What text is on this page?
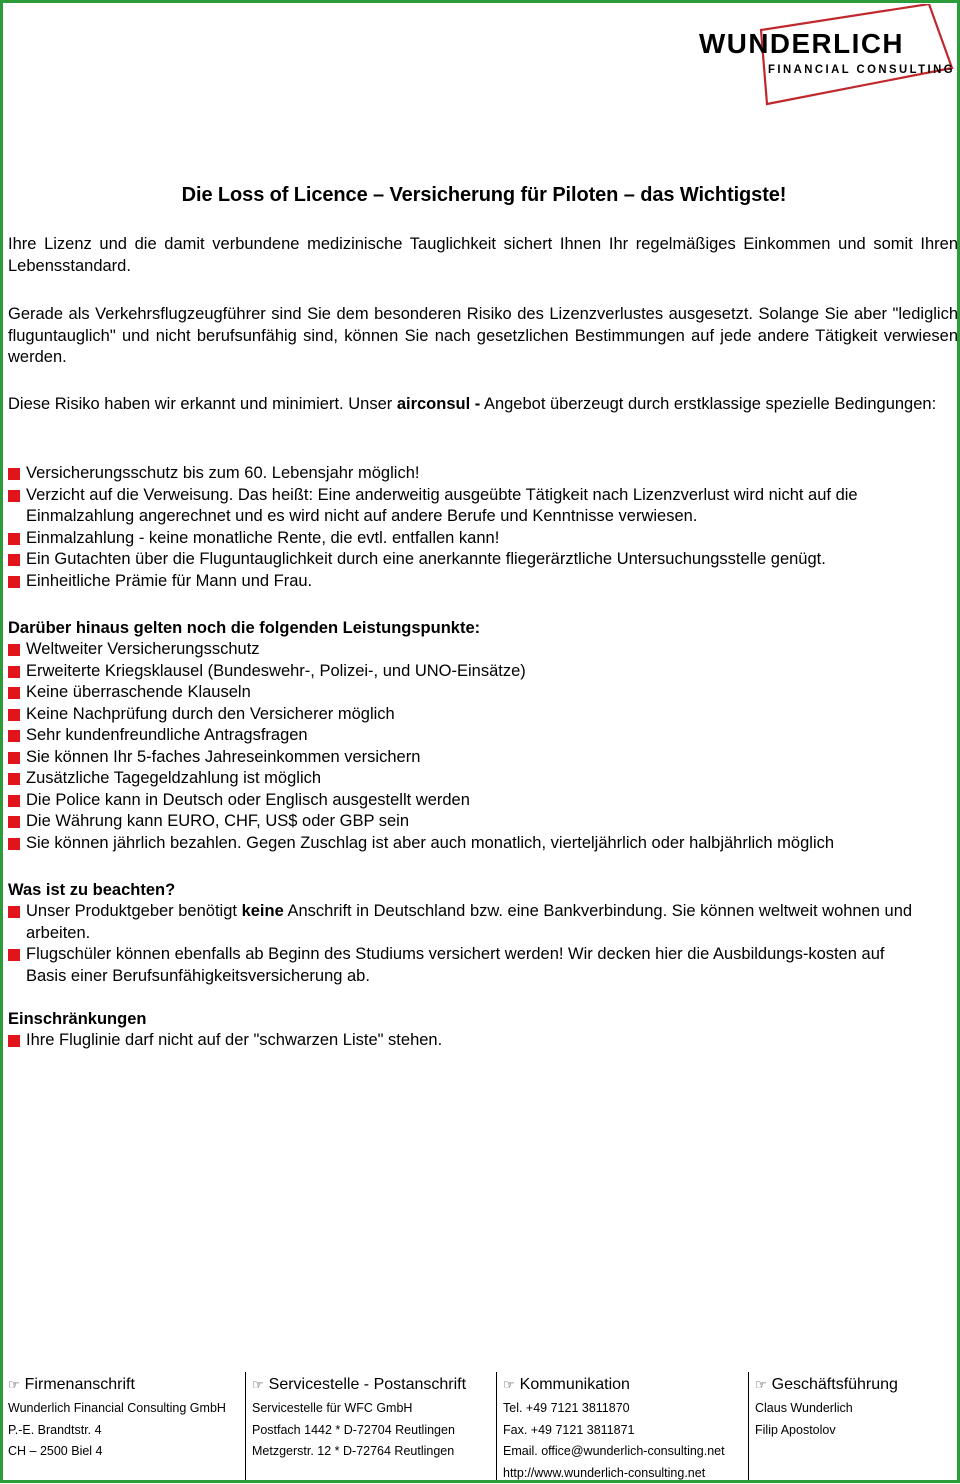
WUNDERLICH
FINANCIAL CONSULTING
Die Loss of Licence – Versicherung für Piloten – das Wichtigste!
Ihre Lizenz und die damit verbundene medizinische Tauglichkeit sichert Ihnen Ihr regelmäßiges Einkommen und somit Ihren Lebensstandard.
Gerade als Verkehrsflugzeugführer sind Sie dem besonderen Risiko des Lizenzverlustes ausgesetzt. Solange Sie aber "lediglich fluguntauglich" und nicht berufsunfähig sind, können Sie nach gesetzlichen Bestimmungen auf jede andere Tätigkeit verwiesen werden.
Diese Risiko haben wir erkannt und minimiert. Unser airconsul - Angebot überzeugt durch erstklassige spezielle Bedingungen:
Versicherungsschutz bis zum 60. Lebensjahr möglich!
Verzicht auf die Verweisung. Das heißt: Eine anderweitig ausgeübte Tätigkeit nach Lizenzverlust wird nicht auf die Einmalzahlung angerechnet und es wird nicht auf andere Berufe und Kenntnisse verwiesen.
Einmalzahlung - keine monatliche Rente, die evtl. entfallen kann!
Ein Gutachten über die Fluguntauglichkeit durch eine anerkannte fliegerärztliche Untersuchungsstelle genügt.
Einheitliche Prämie für Mann und Frau.
Darüber hinaus gelten noch die folgenden Leistungspunkte:
Weltweiter Versicherungsschutz
Erweiterte Kriegsklausel (Bundeswehr-, Polizei-, und UNO-Einsätze)
Keine überraschende Klauseln
Keine Nachprüfung durch den Versicherer möglich
Sehr kundenfreundliche Antragsfragen
Sie können Ihr 5-faches Jahreseinkommen versichern
Zusätzliche Tagegeldzahlung ist möglich
Die Police kann in Deutsch oder Englisch ausgestellt werden
Die Währung kann EURO, CHF, US$ oder GBP sein
Sie können jährlich bezahlen. Gegen Zuschlag ist aber auch monatlich, vierteljährlich oder halbjährlich möglich
Was ist zu beachten?
Unser Produktgeber benötigt keine Anschrift in Deutschland bzw. eine Bankverbindung. Sie können weltweit wohnen und arbeiten.
Flugschüler können ebenfalls ab Beginn des Studiums versichert werden! Wir decken hier die Ausbildungs-kosten auf Basis einer Berufsunfähigkeitsversicherung ab.
Einschränkungen
Ihre Fluglinie darf nicht auf der "schwarzen Liste" stehen.
☞ Firmenanschrift
Wunderlich Financial Consulting GmbH
P.-E. Brandtstr. 4
CH – 2500 Biel 4
☞ Servicestelle - Postanschrift
Servicestelle für WFC GmbH
Postfach 1442 * D-72704 Reutlingen
Metzgerstr. 12 * D-72764 Reutlingen
☞ Kommunikation
Tel. +49 7121 3811870
Fax. +49 7121 3811871
Email. office@wunderlich-consulting.net
http://www.wunderlich-consulting.net
☞ Geschäftsführung
Claus Wunderlich
Filip Apostolov
